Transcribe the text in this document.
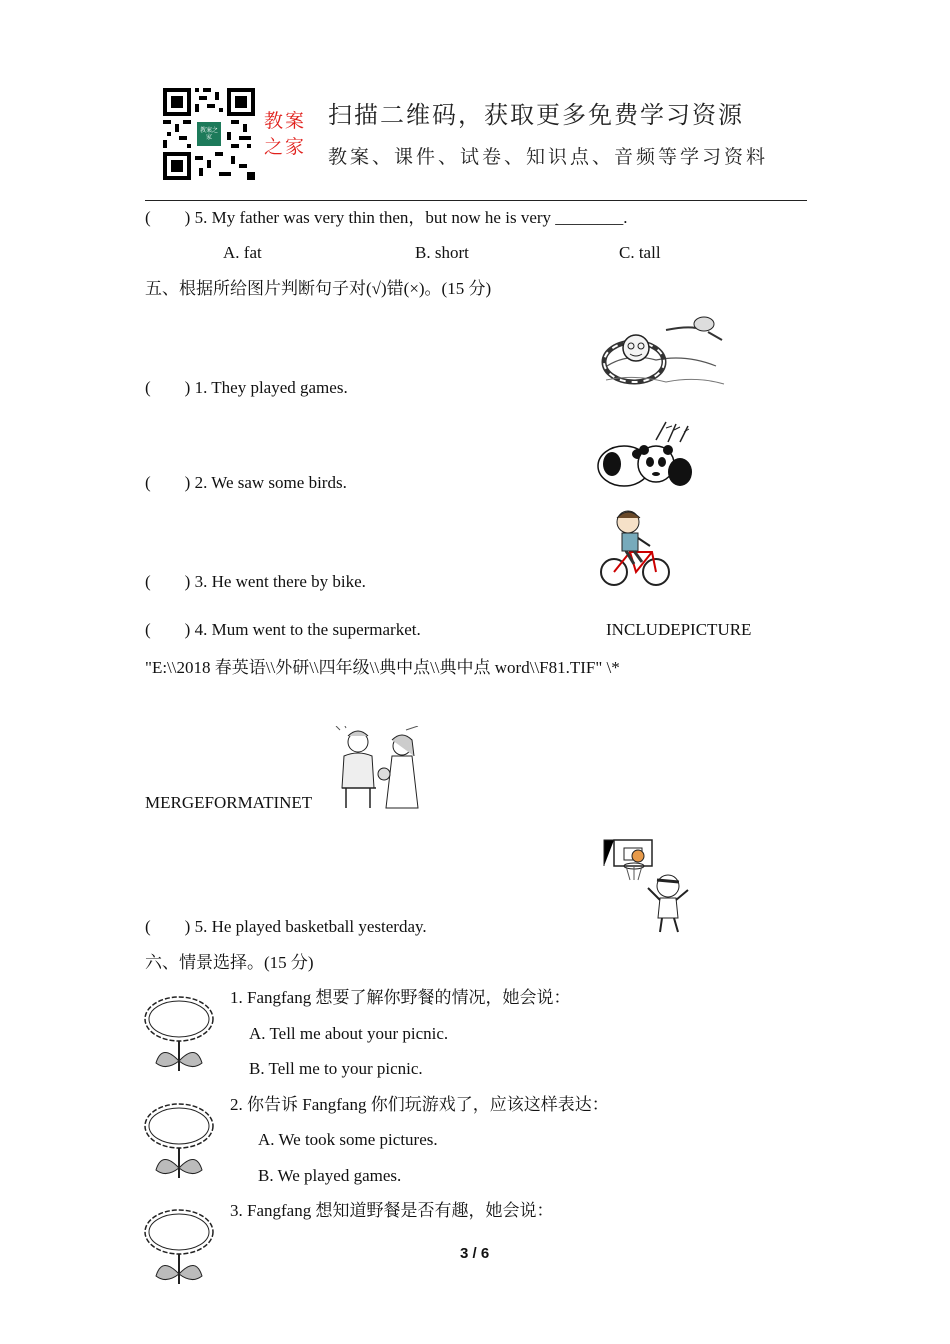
教案之家
教案
之家
扫描二维码，获取更多免费学习资源
教案、课件、试卷、知识点、音频等学习资料
(　　) 5. My father was very thin then，but now he is very ________.
A. fat	B. short	C. tall
五、根据所给图片判断句子对(√)错(×)。(15 分)
(　　) 1. They played games.
(　　) 2. We saw some birds.
(　　) 3. He went there by bike.
(　　) 4. Mum went to the supermarket.	INCLUDEPICTURE
"E:\\2018 春英语\\外研\\四年级\\典中点\\典中点 word\\F81.TIF" \*
MERGEFORMATINET
(　　) 5. He played basketball yesterday.
六、情景选择。(15 分)
1. Fangfang 想要了解你野餐的情况，她会说：
A. Tell me about your picnic.
B. Tell me to your picnic.
2. 你告诉 Fangfang 你们玩游戏了，应该这样表达：
A. We took some pictures.
B. We played games.
3. Fangfang 想知道野餐是否有趣，她会说：
3 / 6
